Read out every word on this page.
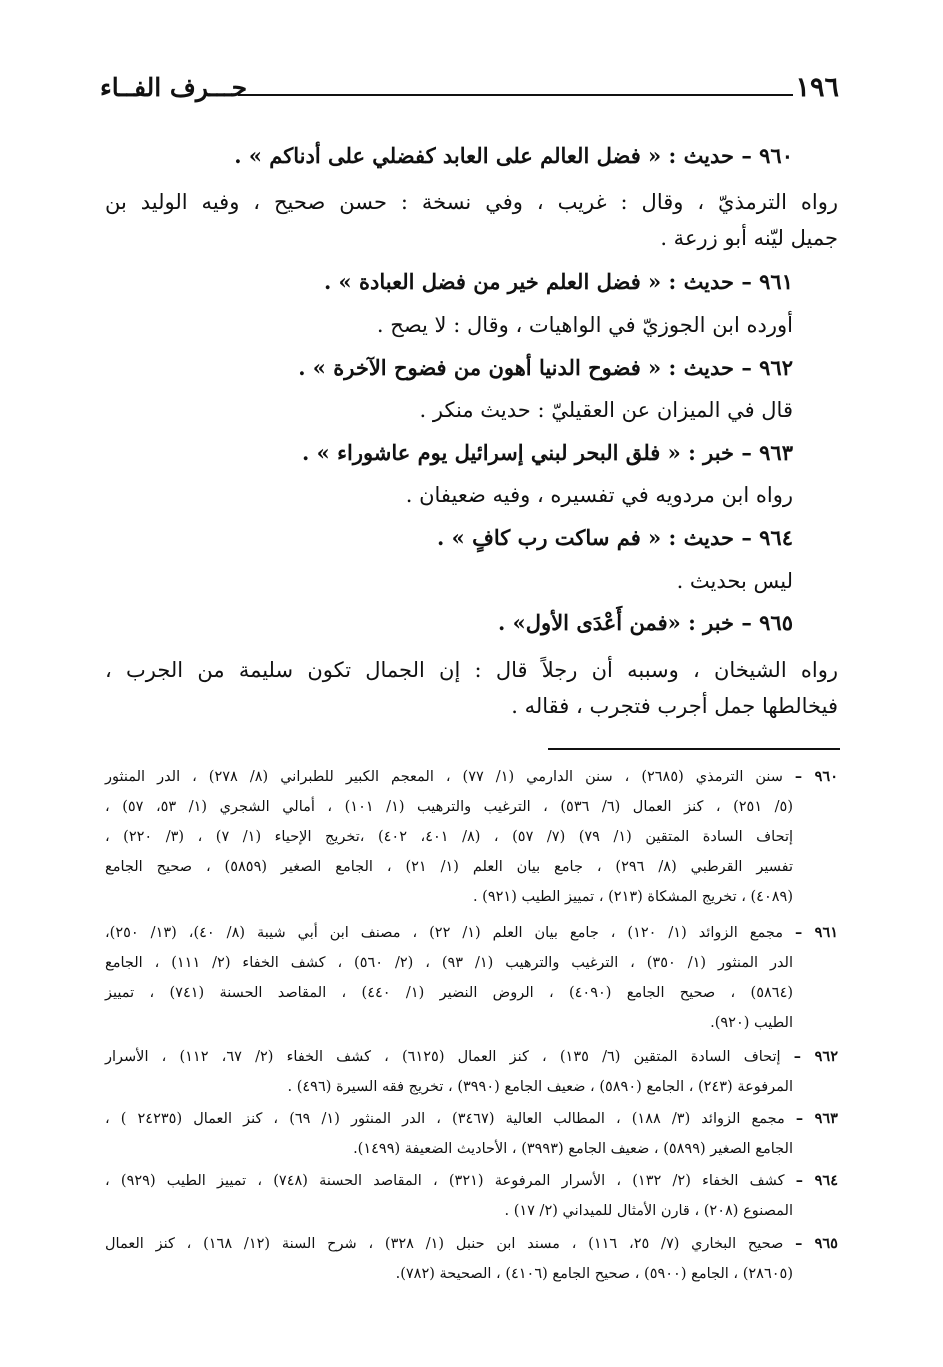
١٩٦
حـــرف الفــاء
٩٦٠ – حديث : « فضل العالم على العابد كفضلي على أدناكم » .
رواه الترمذيّ ، وقال : غريب ، وفي نسخة : حسن صحيح ، وفيه الوليد بن
جميل ليّنه أبو زرعة .
٩٦١ – حديث : « فضل العلم خير من فضل العبادة » .
أورده ابن الجوزيّ في الواهيات ، وقال : لا يصح .
٩٦٢ – حديث : « فضوح الدنيا أهون من فضوح الآخرة » .
قال في الميزان عن العقيليّ : حديث منكر .
٩٦٣ – خبر : « فلق البحر لبني إسرائيل يوم عاشوراء » .
رواه ابن مردويه في تفسيره ، وفيه ضعيفان .
٩٦٤ – حديث : « فم ساكت رب كافٍ » .
ليس بحديث .
٩٦٥ – خبر : «فمن أَعْدَى الأول» .
رواه الشيخان ، وسببه أن رجلاً قال : إن الجمال تكون سليمة من الجرب ،
فيخالطها جمل أجرب فتجرب ، فقاله .
٩٦٠ – سنن الترمذي (٢٦٨٥) ، سنن الدارمي (١/ ٧٧) ، المعجم الكبير للطبراني (٨/ ٢٧٨) ، الدر المنثور
(٥/ ٢٥١) ، كنز العمال (٦/ ٥٣٦) ، الترغيب والترهيب (١/ ١٠١) ، أمالي الشجري (١/ ٥٣، ٥٧) ،
إتحاف السادة المتقين (١/ ٧٩) (٧/ ٥٧) ، (٨/ ٤٠١، ٤٠٢) ،تخريج الإحياء (١/ ٧) ، (٣/ ٢٢٠) ،
تفسير القرطبي (٨/ ٢٩٦) ، جامع بيان العلم (١/ ٢١) ، الجامع الصغير (٥٨٥٩) ، صحيح الجامع
(٤٠٨٩) ، تخريج المشكاة (٢١٣) ، تمييز الطيب (٩٢١) .
٩٦١ – مجمع الزوائد (١/ ١٢٠) ، جامع بيان العلم (١/ ٢٢) ، مصنف ابن أبي شيبة (٨/ ٤٠)، (١٣/ ٢٥٠)،
الدر المنثور (١/ ٣٥٠) ، الترغيب والترهيب (١/ ٩٣) ، (٢/ ٥٦٠) ، كشف الخفاء (٢/ ١١١) ، الجامع
(٥٨٦٤) ، صحيح الجامع (٤٠٩٠) ، الروض النضير (١/ ٤٤٠) ، المقاصد الحسنة (٧٤١) ، تمييز
الطيب (٩٢٠).
٩٦٢ – إتحاف السادة المتقين (٦/ ١٣٥) ، كنز العمال (٦١٢٥) ، كشف الخفاء (٢/ ٦٧، ١١٢) ، الأسرار
المرفوعة (٢٤٣) ، الجامع (٥٨٩٠) ، ضعيف الجامع (٣٩٩٠) ، تخريج فقه السيرة (٤٩٦) .
٩٦٣ – مجمع الزوائد (٣/ ١٨٨) ، المطالب العالية (٣٤٦٧) ، الدر المنثور (١/ ٦٩) ، كنز العمال (٢٤٢٣٥ ) ،
الجامع الصغير (٥٨٩٩) ، ضعيف الجامع (٣٩٩٣) ، الأحاديث الضعيفة (١٤٩٩).
٩٦٤ – كشف الخفاء (٢/ ١٣٢) ، الأسرار المرفوعة (٣٢١) ، المقاصد الحسنة (٧٤٨) ، تمييز الطيب (٩٢٩) ،
المصنوع (٢٠٨) ، قارن الأمثال للميداني (٢/ ١٧) .
٩٦٥ – صحيح البخاري (٧/ ٢٥، ١١٦) ، مسند ابن حنبل (١/ ٣٢٨) ، شرح السنة (١٢/ ١٦٨) ، كنز العمال
(٢٨٦٠٥) ، الجامع (٥٩٠٠) ، صحيح الجامع (٤١٠٦) ، الصحيحة (٧٨٢).
